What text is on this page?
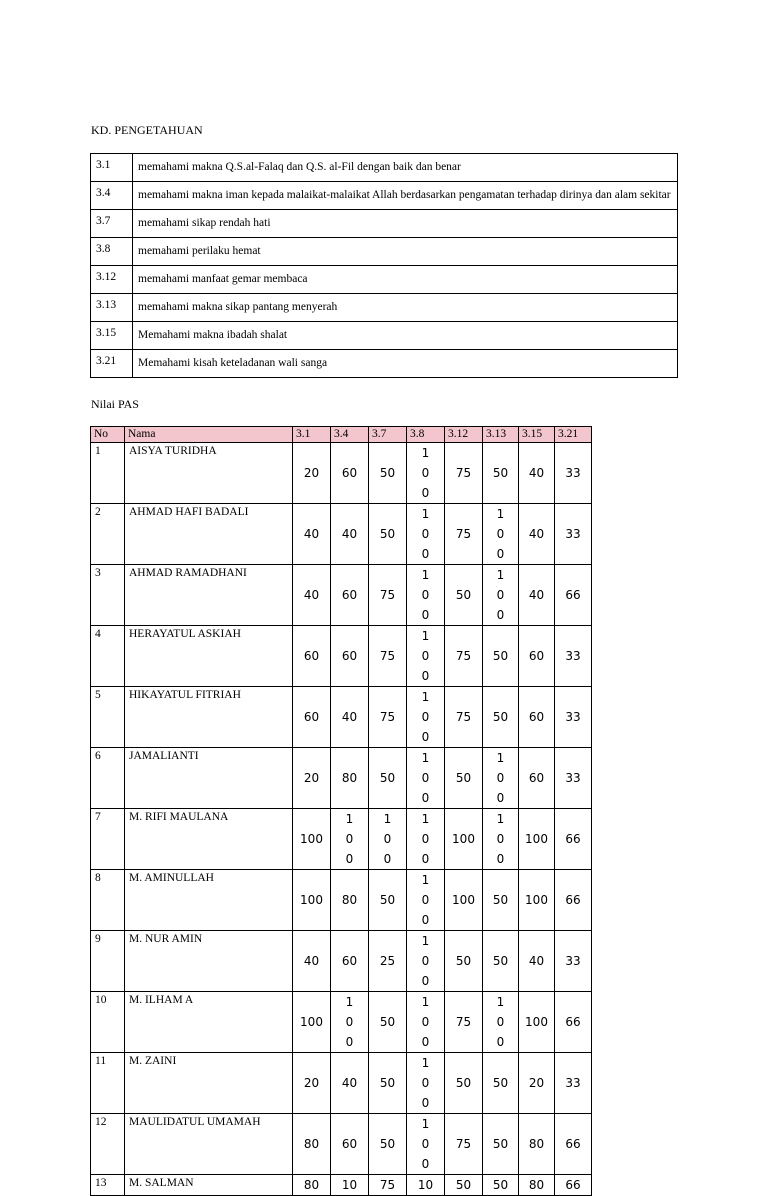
KD. PENGETAHUAN
3.1	memahami makna Q.S.al-Falaq dan Q.S. al-Fil dengan baik dan benar
3.4	memahami makna iman kepada malaikat-malaikat Allah berdasarkan pengamatan terhadap dirinya dan alam sekitar
3.7	memahami sikap rendah hati
3.8	memahami perilaku hemat
3.12	memahami manfaat gemar membaca
3.13	memahami makna sikap pantang menyerah
3.15	Memahami makna ibadah shalat
3.21	Memahami kisah keteladanan wali sanga
Nilai PAS
No	Nama	3.1	3.4	3.7	3.8	3.12	3.13	3.15	3.21
1	AISYA TURIDHA	20	60	50	100	75	50	40	33
2	AHMAD HAFI BADALI	40	40	50	100	75	100	40	33
3	AHMAD RAMADHANI	40	60	75	100	50	100	40	66
4	HERAYATUL ASKIAH	60	60	75	100	75	50	60	33
5	HIKAYATUL FITRIAH	60	40	75	100	75	50	60	33
6	JAMALIANTI	20	80	50	100	50	100	60	33
7	M. RIFI MAULANA	100	100	100	100	100	100	100	66
8	M. AMINULLAH	100	80	50	100	100	50	100	66
9	M. NUR AMIN	40	60	25	100	50	50	40	33
10	M. ILHAM A	100	100	50	100	75	100	100	66
11	M. ZAINI	20	40	50	100	50	50	20	33
12	MAULIDATUL UMAMAH	80	60	50	100	75	50	80	66
13	M. SALMAN	80	10	75	10	50	50	80	66
